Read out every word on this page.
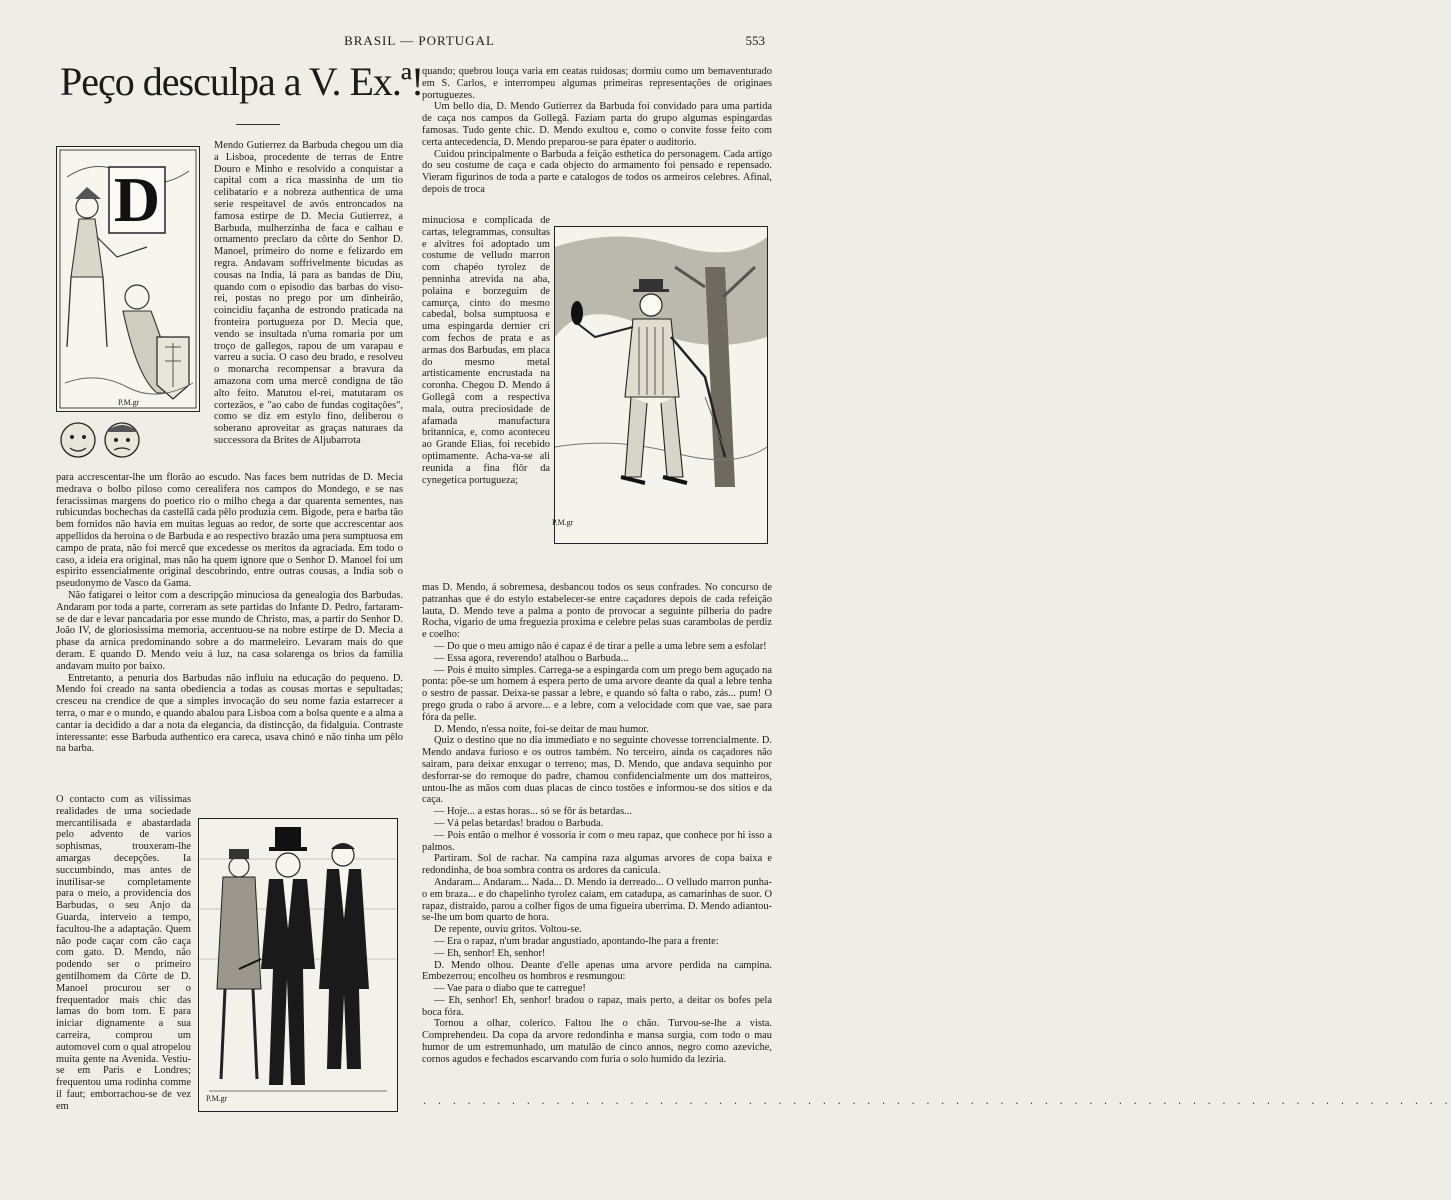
BRASIL — PORTUGAL	553
Peço desculpa a V. Ex.ª!
D
P.M.gr
Mendo Gutierrez da Barbuda chegou um dia a Lisboa, procedente de terras de Entre Douro e Minho e resolvido a conquistar a capital com a rica massinha de um tio celibatario e a nobreza authentica de uma serie respeitavel de avós entroncados na famosa estirpe de D. Mecia Gutierrez, a Barbuda, mulherzinha de faca e calhau e ornamento preclaro da côrte do Senhor D. Manoel, primeiro do nome e felizardo em regra. Andavam soffrivelmente bicudas as cousas na India, lá para as bandas de Diu, quando com o episodio das barbas do viso-rei, postas no prego por um dinheirão, coincidiu façanha de estrondo praticada na fronteira portugueza por D. Mecia que, vendo se insultada n'uma romaria por um troço de gallegos, rapou de um varapau e varreu a sucia. O caso deu brado, e resolveu o monarcha recompensar a bravura da amazona com uma mercê condigna de tão alto feito. Matutou el-rei, matutaram os cortezãos, e "ao cabo de fundas cogitações", como se diz em estylo fino, deliberou o soberano aproveitar as graças naturaes da successora da Brites de Aljubarrota

para accrescentar-lhe um florão ao escudo. Nas faces bem nutridas de D. Mecia medrava o bolbo piloso como cerealifera nos campos do Mondego, e se nas feracissimas margens do poetico rio o milho chega a dar quarenta sementes, nas rubicundas bochechas da castellã cada pêlo produzia cem. Bigode, pera e barba tão bem fornidos não havia em muitas leguas ao redor, de sorte que accrescentar aos appellidos da heroina o de Barbuda e ao respectivo brazão uma pera sumptuosa em campo de prata, não foi mercê que excedesse os meritos da agraciada. Em todo o caso, a ideia era original, mas não ha quem ignore que o Senhor D. Manoel foi um espirito essencialmente original descobrindo, entre outras cousas, a India sob o pseudonymo de Vasco da Gama.

Não fatigarei o leitor com a descripção minuciosa da genealogia dos Barbudas. Andaram por toda a parte, correram as sete partidas do Infante D. Pedro, fartaram-se de dar e levar pancadaria por esse mundo de Christo, mas, a partir do Senhor D. João IV, de gloriosissima memoria, accentuou-se na nobre estirpe de D. Mecia a phase da arnica predominando sobre a do marmeleiro. Levaram mais do que deram. E quando D. Mendo veiu á luz, na casa solarenga os brios da familia andavam muito por baixo.

Entretanto, a penuria dos Barbudas não influiu na educação do pequeno. D. Mendo foi creado na santa obediencia a todas as cousas mortas e sepultadas; cresceu na crendice de que a simples invocação do seu nome fazia estarrecer a terra, o mar e o mundo, e quando abalou para Lisboa com a bolsa quente e a alma a cantar ia decidido a dar a nota da elegancia, da distincção, da fidalguia. Contraste interessante: esse Barbuda authentico era careca, usava chinó e não tinha um pêlo na barba.

O contacto com as vilissimas realidades de uma sociedade mercantilisada e abastardada pelo advento de varios sophismas, trouxeram-lhe amargas decepções. Ia succumbindo, mas antes de inutilisar-se completamente para o meio, a providencia dos Barbudas, o seu Anjo da Guarda, interveio a tempo, facultou-lhe a adaptação. Quem não pode caçar com cão caça com gato. D. Mendo, não podendo ser o primeiro gentilhomem da Côrte de D. Manoel procurou ser o frequentador mais chic das lamas do bom tom. E para iniciar dignamente a sua carreira, comprou um automovel com o qual atropelou muita gente na Avenida. Vestiu-se em Paris e Londres; frequentou uma rodinha comme il faut; emborrachou-se de vez em
P.M.gr

quando; quebrou louça varia em ceatas ruidosas; dormiu como um bemaventurado em S. Carlos, e interrompeu algumas primeiras representações de originaes portuguezes.

Um bello dia, D. Mendo Gutierrez da Barbuda foi convidado para uma partida de caça nos campos da Gollegã. Faziam parta do grupo algumas espingardas famosas. Tudo gente chic. D. Mendo exultou e, como o convite fosse feito com certa antecedencia, D. Mendo preparou-se para épater o auditorio.

Cuidou principalmente o Barbuda a feição esthetica do personagem. Cada artigo do seu costume de caça e cada objecto do armamento foi pensado e repensado. Vieram figurinos de toda a parte e catalogos de todos os armeiros celebres. Afinal, depois de troca

minuciosa e complicada de cartas, telegrammas, consultas e alvitres foi adoptado um costume de velludo marron com chapéo tyrolez de penninha atrevida na aba, polaina e borzeguim de camurça, cinto do mesmo cabedal, bolsa sumptuosa e uma espingarda dernier cri com fechos de prata e as armas dos Barbudas, em placa do mesmo metal artisticamente encrustada na coronha. Chegou D. Mendo á Gollegã com a respectiva mala, outra preciosidade de afamada manufactura britannica, e, como aconteceu ao Grande Elias, foi recebido optimamente. Acha-va-se ali reunida a fina flôr da cynegetica portugueza;
P.M.gr

mas D. Mendo, á sobremesa, desbancou todos os seus confrades. No concurso de patranhas que é do estylo estabelecer-se entre caçadores depois de cada refeição lauta, D. Mendo teve a palma a ponto de provocar a seguinte pilheria do padre Rocha, vigario de uma freguezia proxima e celebre pelas suas carambolas de perdiz e coelho:

— Do que o meu amigo não é capaz é de tirar a pelle a uma lebre sem a esfolar!

— Essa agora, reverendo! atalhou o Barbuda...

— Pois é muito simples. Carrega-se a espingarda com um prego bem aguçado na ponta: põe-se um homem á espera perto de uma arvore deante da qual a lebre tenha o sestro de passar. Deixa-se passar a lebre, e quando só falta o rabo, zás... pum! O prego gruda o rabo á arvore... e a lebre, com a velocidade com que vae, sae para fóra da pelle.

D. Mendo, n'essa noite, foi-se deitar de mau humor.

Quiz o destino que no dia immediato e no seguinte chovesse torrencialmente. D. Mendo andava furioso e os outros também. No terceiro, ainda os caçadores não sairam, para deixar enxugar o terreno; mas, D. Mendo, que andava sequinho por desforrar-se do remoque do padre, chamou confidencialmente um dos matteiros, untou-lhe as mãos com duas placas de cinco tostões e informou-se dos sitios e da caça.

— Hoje... a estas horas... só se fôr ás betardas...

— Vá pelas betardas! bradou o Barbuda.

— Pois então o melhor é vossoria ir com o meu rapaz, que conhece por hi isso a palmos.

Partiram. Sol de rachar. Na campina raza algumas arvores de copa baixa e redondinha, de boa sombra contra os ardores da canicula.

Andaram... Andaram... Nada... D. Mendo ia derreado... O velludo marron punha-o em braza... e do chapelinho tyrolez caiam, em catadupa, as camarinhas de suor. O rapaz, distraido, parou a colher figos de uma figueira uberrima. D. Mendo adiantou-se-lhe um bom quarto de hora.

De repente, ouviu gritos. Voltou-se.

— Era o rapaz, n'um bradar angustiado, apontando-lhe para a frente:

— Eh, senhor! Eh, senhor!

D. Mendo olhou. Deante d'elle apenas uma arvore perdida na campina. Embezerrou; encolheu os hombros e resmungou:

— Vae para o diabo que te carregue!

— Eh, senhor! Eh, senhor! bradou o rapaz, mais perto, a deitar os bofes pela boca fóra.

Tornou a olhar, colerico. Faltou lhe o chão. Turvou-se-lhe a vista. Comprehendeu. Da copa da arvore redondinha e mansa surgia, com todo o mau humor de um estremunhado, um matulão de cinco annos, negro como azeviche, cornos agudos e fechados escarvando com furia o solo humido da lezíria.

. . . . . . . . . . . . . . . . . . . . . . . . . . . . . . . . . . . . . . . . . . . . . . . . . . . . . . . . . . . . . . . . . . . . . .
